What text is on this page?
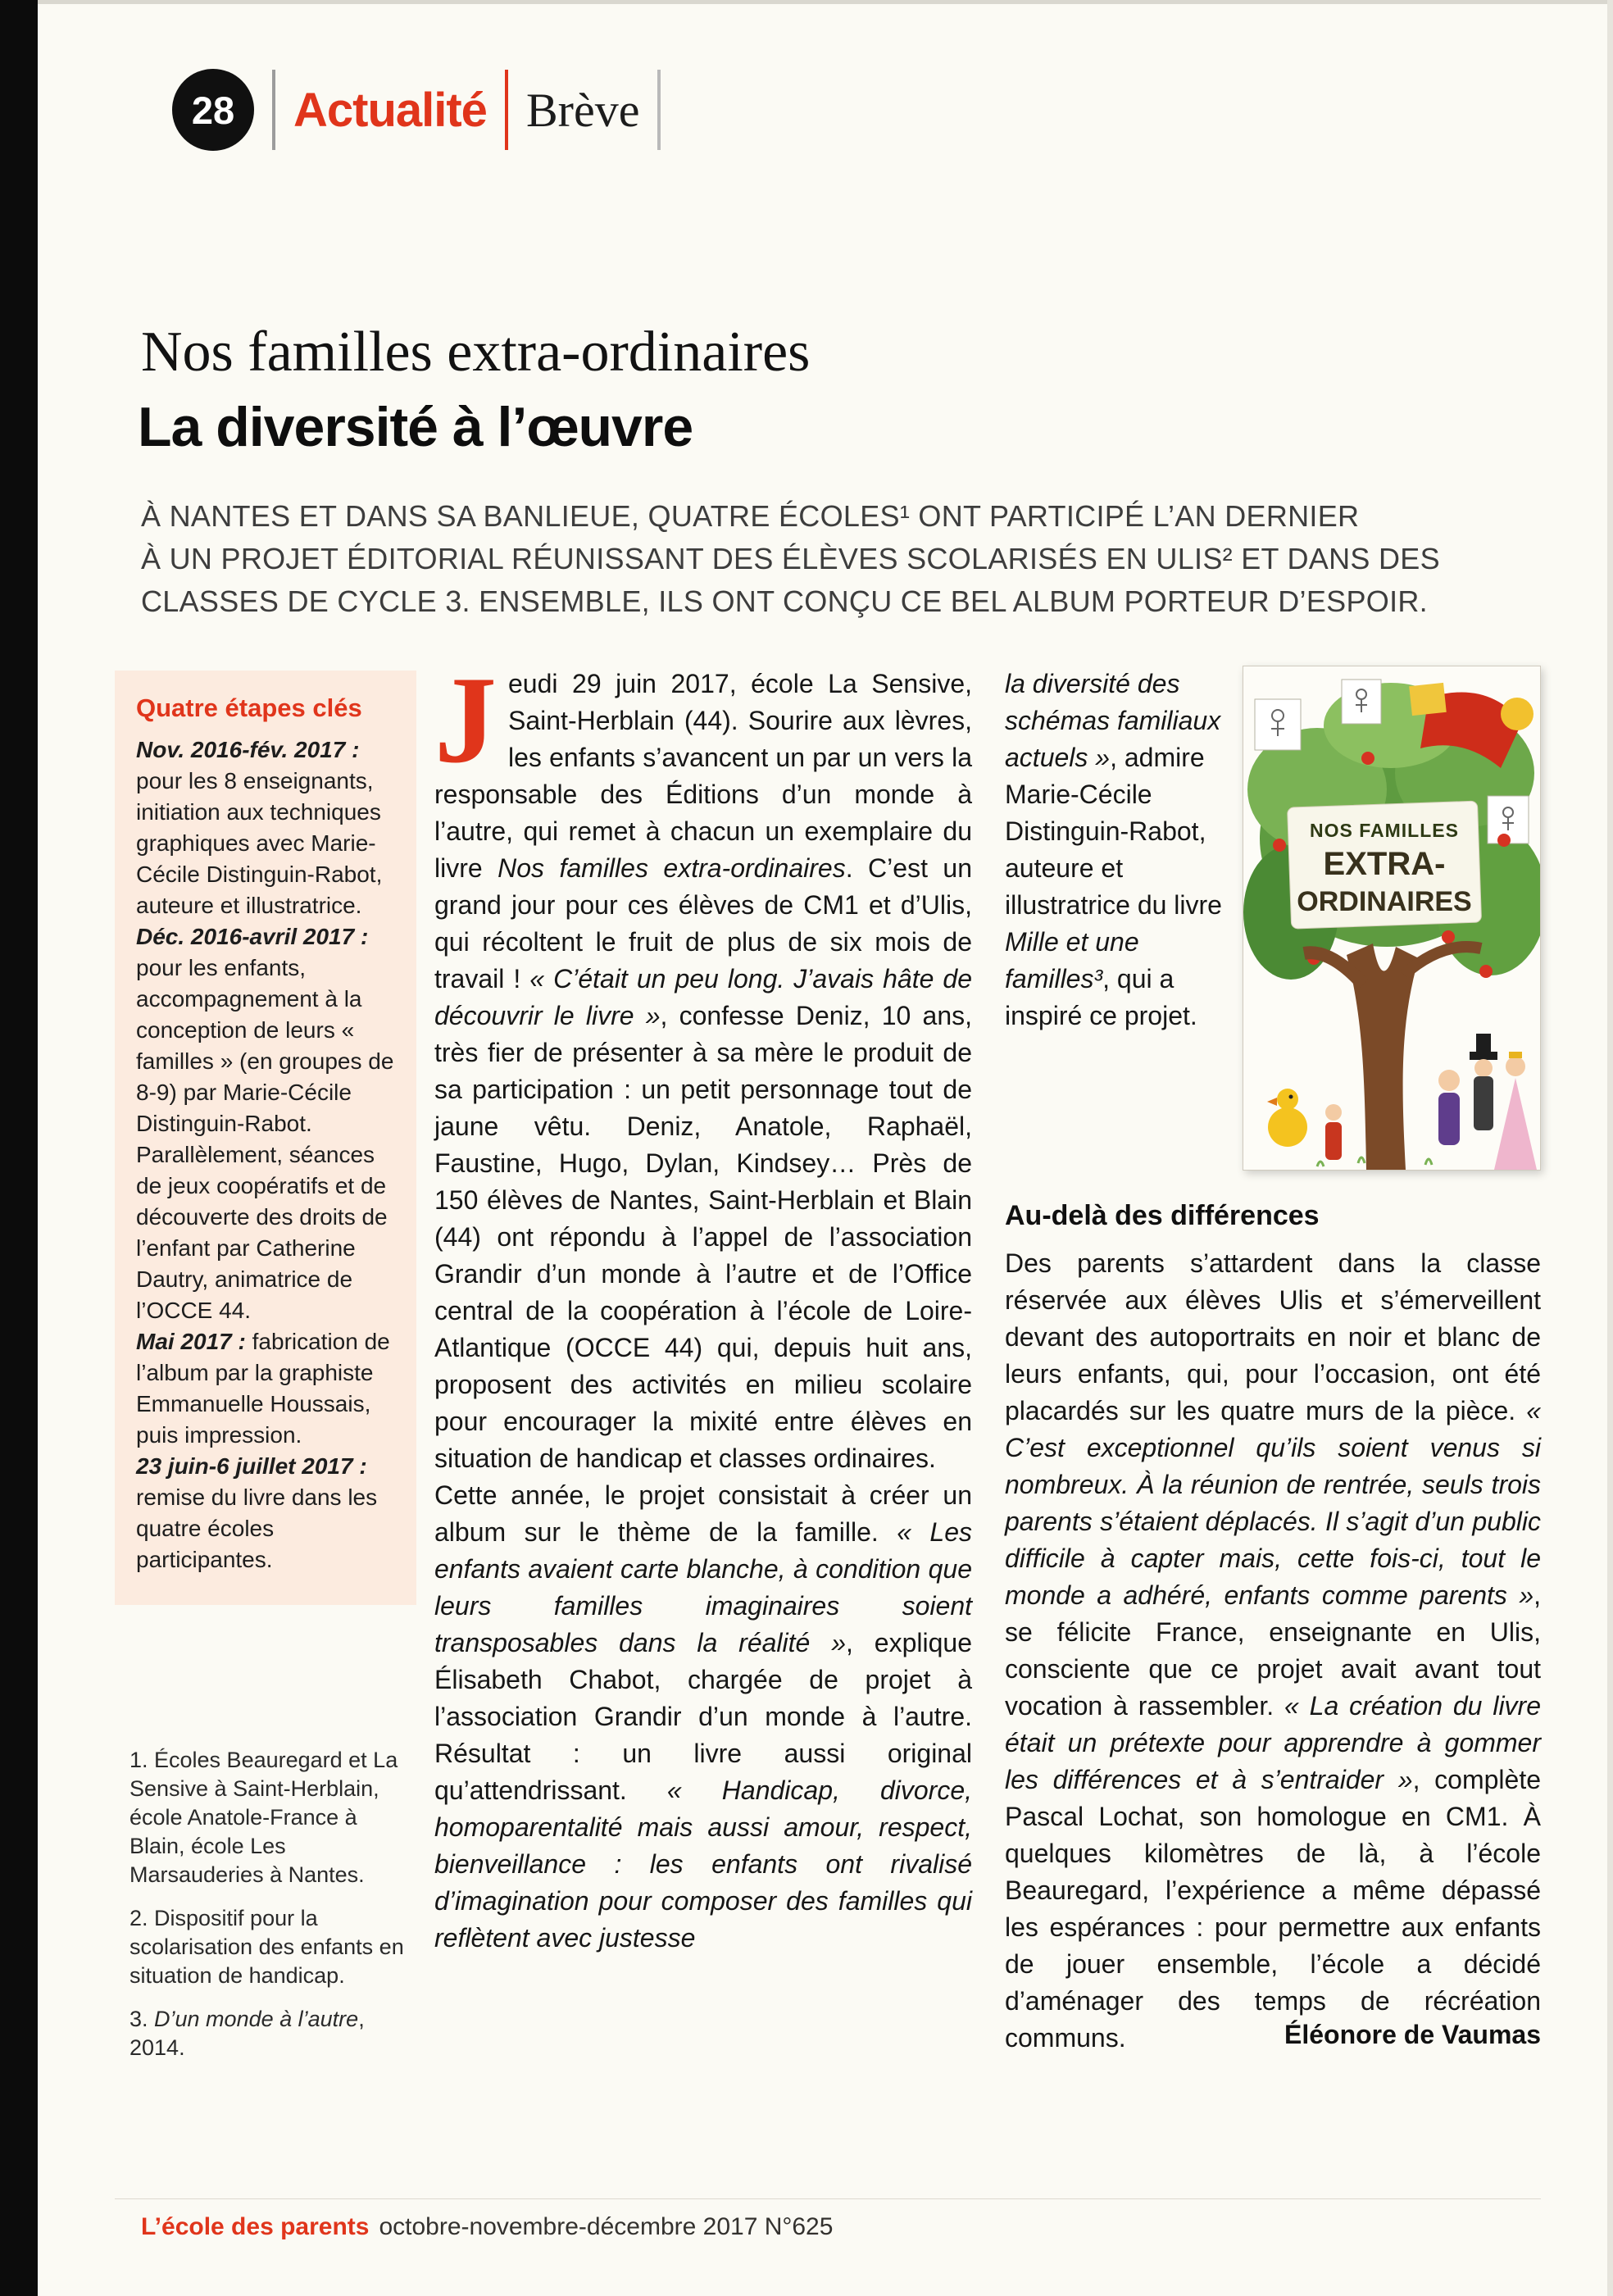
28	Actualité Brève
Nos familles extra-ordinaires
La diversité à l’œuvre
À NANTES ET DANS SA BANLIEUE, QUATRE ÉCOLES¹ ONT PARTICIPÉ L’AN DERNIER
À UN PROJET ÉDITORIAL RÉUNISSANT DES ÉLÈVES SCOLARISÉS EN ULIS² ET DANS DES
CLASSES DE CYCLE 3. ENSEMBLE, ILS ONT CONÇU CE BEL ALBUM PORTEUR D’ESPOIR.
Quatre étapes clés
Nov. 2016-fév. 2017 : pour les 8 enseignants, initiation aux techniques graphiques avec Marie-Cécile Distinguin-Rabot, auteure et illustratrice.
Déc. 2016-avril 2017 : pour les enfants, accompagnement à la conception de leurs « familles » (en groupes de 8-9) par Marie-Cécile Distinguin-Rabot. Parallèlement, séances de jeux coopératifs et de découverte des droits de l’enfant par Catherine Dautry, animatrice de l’OCCE 44.
Mai 2017 : fabrication de l’album par la graphiste Emmanuelle Houssais, puis impression.
23 juin-6 juillet 2017 : remise du livre dans les quatre écoles participantes.
1. Écoles Beauregard et La Sensive à Saint-Herblain, école Anatole-France à Blain, école Les Marsauderies à Nantes.
2. Dispositif pour la scolarisation des enfants en situation de handicap.
3. D’un monde à l’autre, 2014.
Jeudi 29 juin 2017, école La Sensive, Saint-Herblain (44). Sourire aux lèvres, les enfants s’avancent un par un vers la responsable des Éditions d’un monde à l’autre, qui remet à chacun un exemplaire du livre Nos familles extra-ordinaires. C’est un grand jour pour ces élèves de CM1 et d’Ulis, qui récoltent le fruit de plus de six mois de travail ! « C’était un peu long. J’avais hâte de découvrir le livre », confesse Deniz, 10 ans, très fier de présenter à sa mère le produit de sa participation : un petit personnage tout de jaune vêtu. Deniz, Anatole, Raphaël, Faustine, Hugo, Dylan, Kindsey… Près de 150 élèves de Nantes, Saint-Herblain et Blain (44) ont répondu à l’appel de l’association Grandir d’un monde à l’autre et de l’Office central de la coopération à l’école de Loire-Atlantique (OCCE 44) qui, depuis huit ans, proposent des activités en milieu scolaire pour encourager la mixité entre élèves en situation de handicap et classes ordinaires.
Cette année, le projet consistait à créer un album sur le thème de la famille. « Les enfants avaient carte blanche, à condition que leurs familles imaginaires soient transposables dans la réalité », explique Élisabeth Chabot, chargée de projet à l’association Grandir d’un monde à l’autre. Résultat : un livre aussi original qu’attendrissant. « Handicap, divorce, homoparentalité mais aussi amour, respect, bienveillance : les enfants ont rivalisé d’imagination pour composer des familles qui reflètent avec justesse
la diversité des schémas familiaux actuels », admire Marie-Cécile Distinguin-Rabot, auteure et illustratrice du livre Mille et une familles³, qui a inspiré ce projet.
NOS FAMILLES
EXTRA-
ORDINAIRES
Au-delà des différences
Des parents s’attardent dans la classe réservée aux élèves Ulis et s’émerveillent devant des autoportraits en noir et blanc de leurs enfants, qui, pour l’occasion, ont été placardés sur les quatre murs de la pièce. « C’est exceptionnel qu’ils soient venus si nombreux. À la réunion de rentrée, seuls trois parents s’étaient déplacés. Il s’agit d’un public difficile à capter mais, cette fois-ci, tout le monde a adhéré, enfants comme parents », se félicite France, enseignante en Ulis, consciente que ce projet avait avant tout vocation à rassembler. « La création du livre était un prétexte pour apprendre à gommer les différences et à s’entraider », complète Pascal Lochat, son homologue en CM1. À quelques kilomètres de là, à l’école Beauregard, l’expérience a même dépassé les espérances : pour permettre aux enfants de jouer ensemble, l’école a décidé d’aménager des temps de récréation communs.	Éléonore de Vaumas
L’école des parents octobre-novembre-décembre 2017 N°625
